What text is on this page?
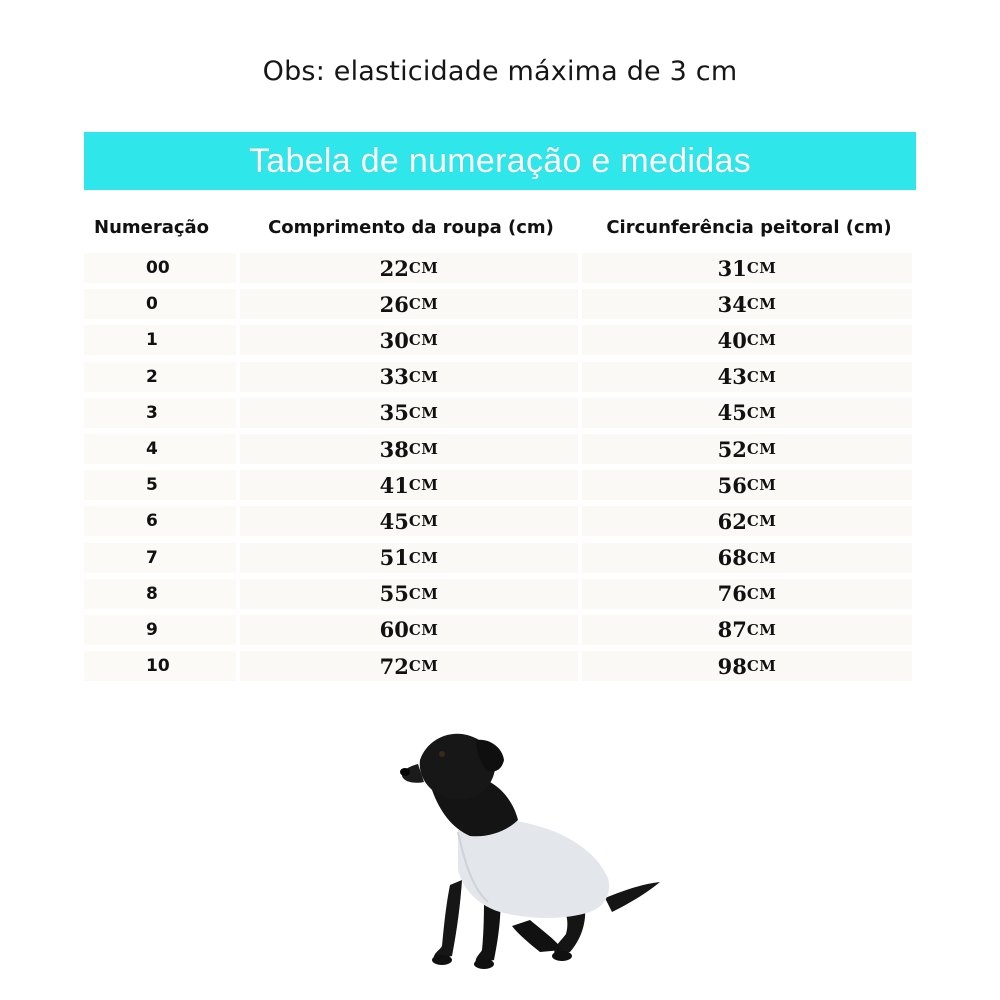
Obs: elasticidade máxima de 3 cm
Tabela de numeração e medidas
Numeração	Comprimento da roupa (cm)	Circunferência peitoral (cm)
00	22 CM	31 CM
0	26 CM	34 CM
1	30 CM	40 CM
2	33 CM	43 CM
3	35 CM	45 CM
4	38 CM	52 CM
5	41 CM	56 CM
6	45 CM	62 CM
7	51 CM	68 CM
8	55 CM	76 CM
9	60 CM	87 CM
10	72 CM	98 CM
